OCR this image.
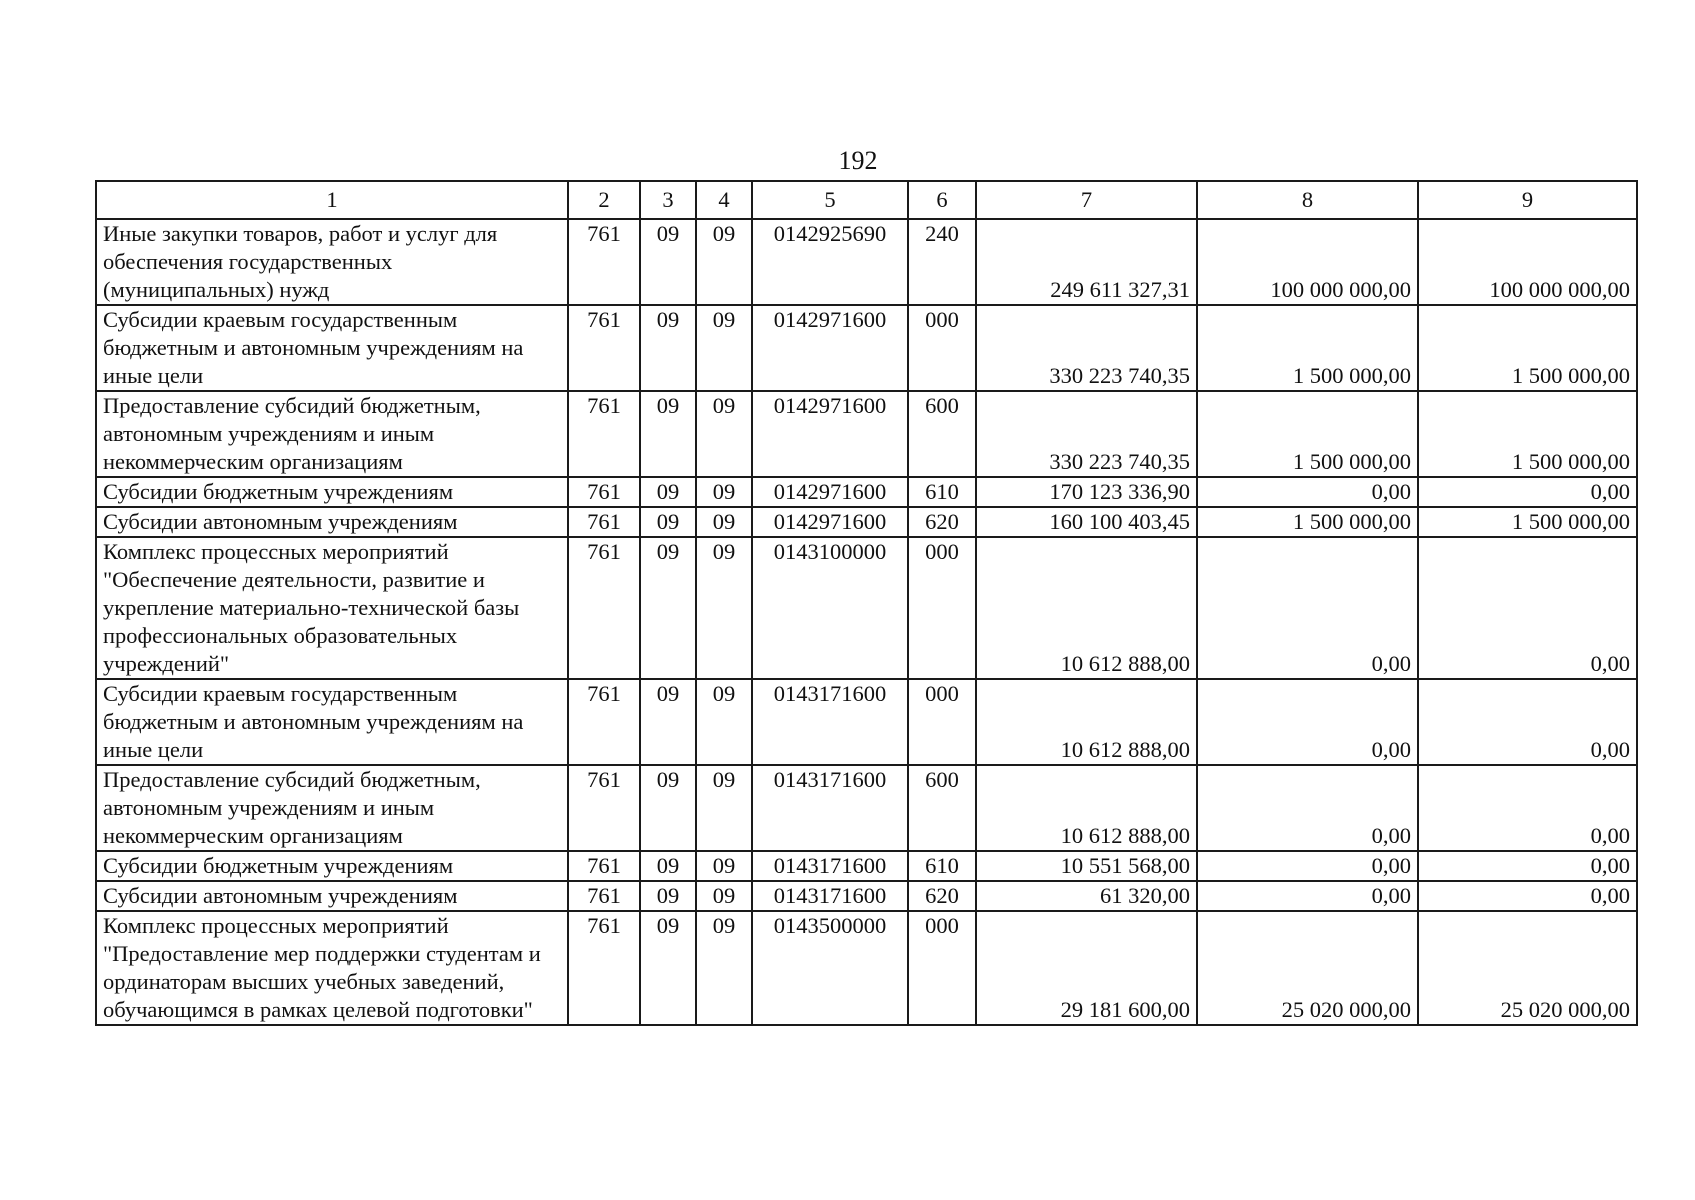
192
1	2	3	4	5	6	7	8	9
Иные закупки товаров, работ и услуг для обеспечения государственных (муниципальных) нужд	761	09	09	0142925690	240	249 611 327,31	100 000 000,00	100 000 000,00
Субсидии краевым государственным бюджетным и автономным учреждениям на иные цели	761	09	09	0142971600	000	330 223 740,35	1 500 000,00	1 500 000,00
Предоставление субсидий бюджетным, автономным учреждениям и иным некоммерческим организациям	761	09	09	0142971600	600	330 223 740,35	1 500 000,00	1 500 000,00
Субсидии бюджетным учреждениям	761	09	09	0142971600	610	170 123 336,90	0,00	0,00
Субсидии автономным учреждениям	761	09	09	0142971600	620	160 100 403,45	1 500 000,00	1 500 000,00
Комплекс процессных мероприятий "Обеспечение деятельности, развитие и укрепление материально-технической базы профессиональных образовательных учреждений"	761	09	09	0143100000	000	10 612 888,00	0,00	0,00
Субсидии краевым государственным бюджетным и автономным учреждениям на иные цели	761	09	09	0143171600	000	10 612 888,00	0,00	0,00
Предоставление субсидий бюджетным, автономным учреждениям и иным некоммерческим организациям	761	09	09	0143171600	600	10 612 888,00	0,00	0,00
Субсидии бюджетным учреждениям	761	09	09	0143171600	610	10 551 568,00	0,00	0,00
Субсидии автономным учреждениям	761	09	09	0143171600	620	61 320,00	0,00	0,00
Комплекс процессных мероприятий "Предоставление мер поддержки студентам и ординаторам высших учебных заведений, обучающимся в рамках целевой подготовки"	761	09	09	0143500000	000	29 181 600,00	25 020 000,00	25 020 000,00
